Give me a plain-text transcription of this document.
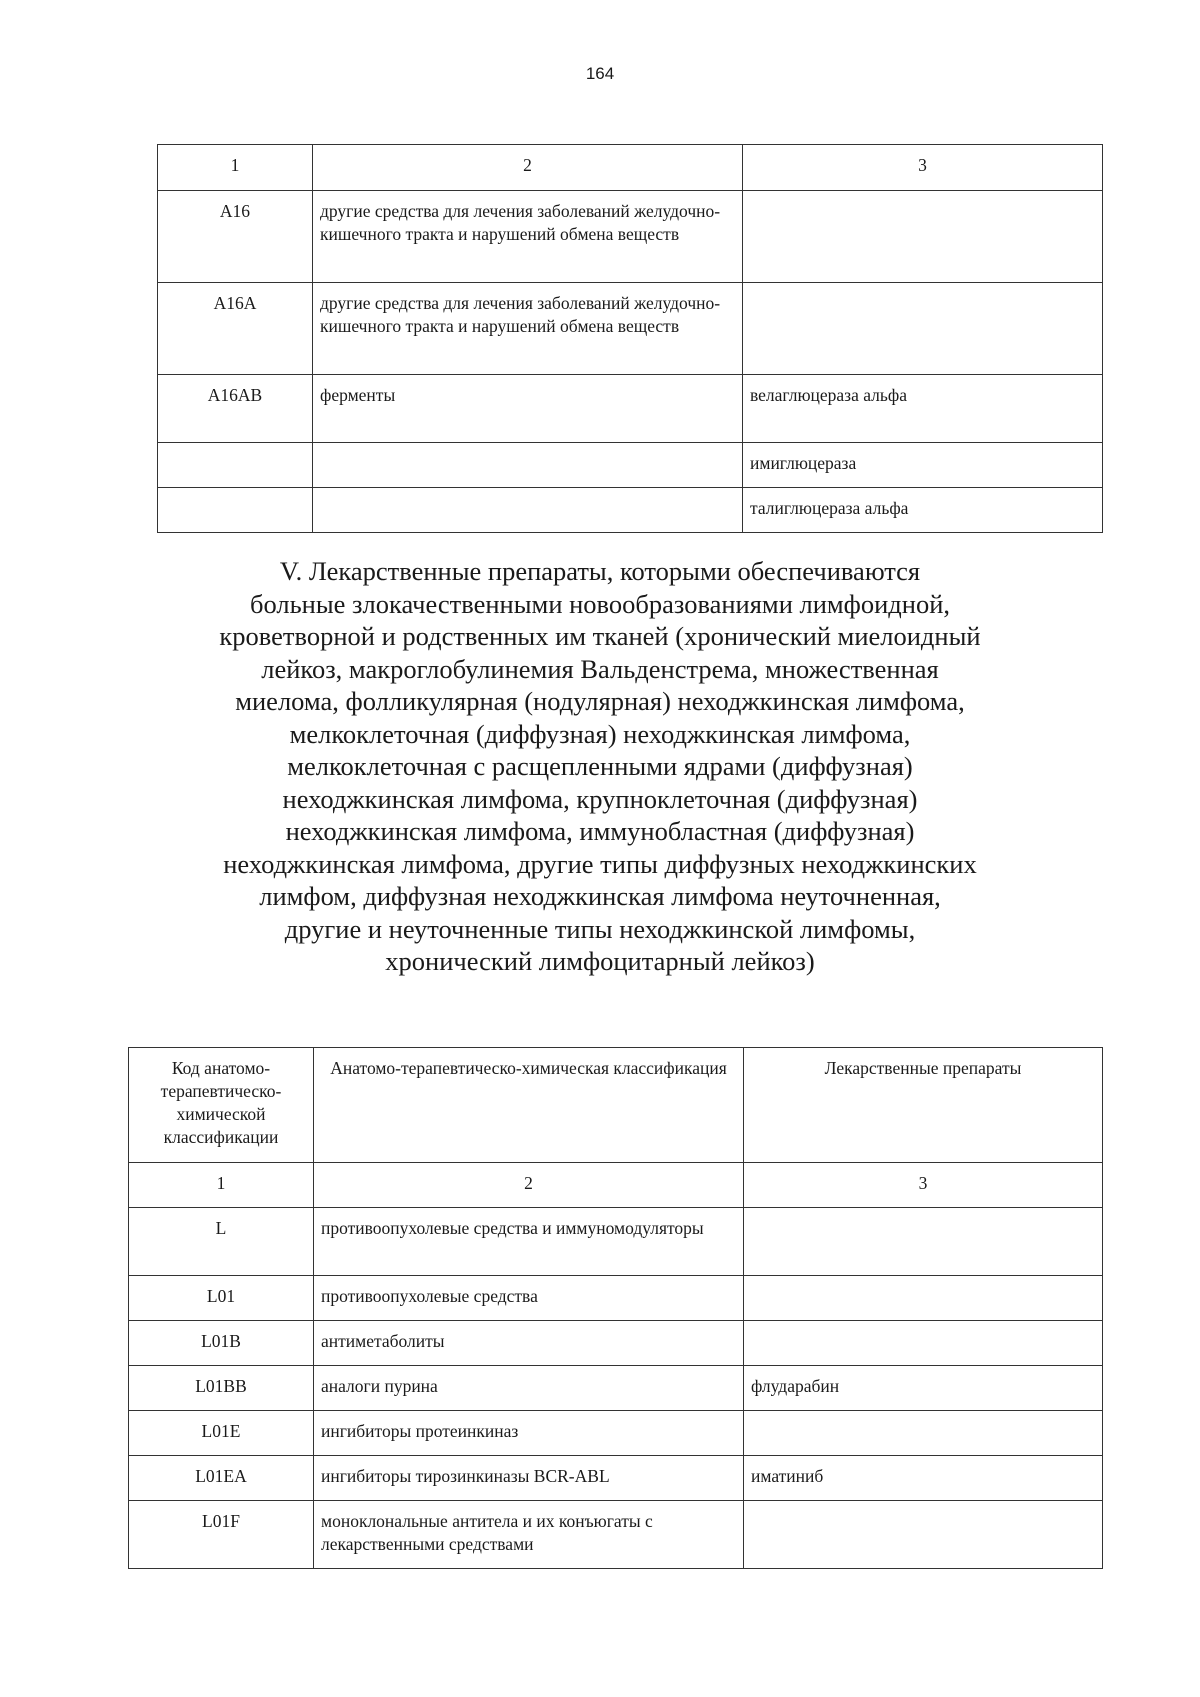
164
1	2	3
A16	другие средства для лечения заболеваний желудочно-кишечного тракта и нарушений обмена веществ	
A16A	другие средства для лечения заболеваний желудочно-кишечного тракта и нарушений обмена веществ	
A16AB	ферменты	велаглюцераза альфа
		имиглюцераза
		талиглюцераза альфа
V. Лекарственные препараты, которыми обеспечиваются
больные злокачественными новообразованиями лимфоидной,
кроветворной и родственных им тканей (хронический миелоидный
лейкоз, макроглобулинемия Вальденстрема, множественная
миелома, фолликулярная (нодулярная) неходжкинская лимфома,
мелкоклеточная (диффузная) неходжкинская лимфома,
мелкоклеточная с расщепленными ядрами (диффузная)
неходжкинская лимфома, крупноклеточная (диффузная)
неходжкинская лимфома, иммунобластная (диффузная)
неходжкинская лимфома, другие типы диффузных неходжкинских
лимфом, диффузная неходжкинская лимфома неуточненная,
другие и неуточненные типы неходжкинской лимфомы,
хронический лимфоцитарный лейкоз)
Код анатомо-терапевтическо-химической классификации	Анатомо-терапевтическо-химическая классификация	Лекарственные препараты
1	2	3
L	противоопухолевые средства и иммуномодуляторы	
L01	противоопухолевые средства	
L01B	антиметаболиты	
L01BB	аналоги пурина	флударабин
L01E	ингибиторы протеинкиназ	
L01EA	ингибиторы тирозинкиназы BCR-ABL	иматиниб
L01F	моноклональные антитела и их конъюгаты с лекарственными средствами	
